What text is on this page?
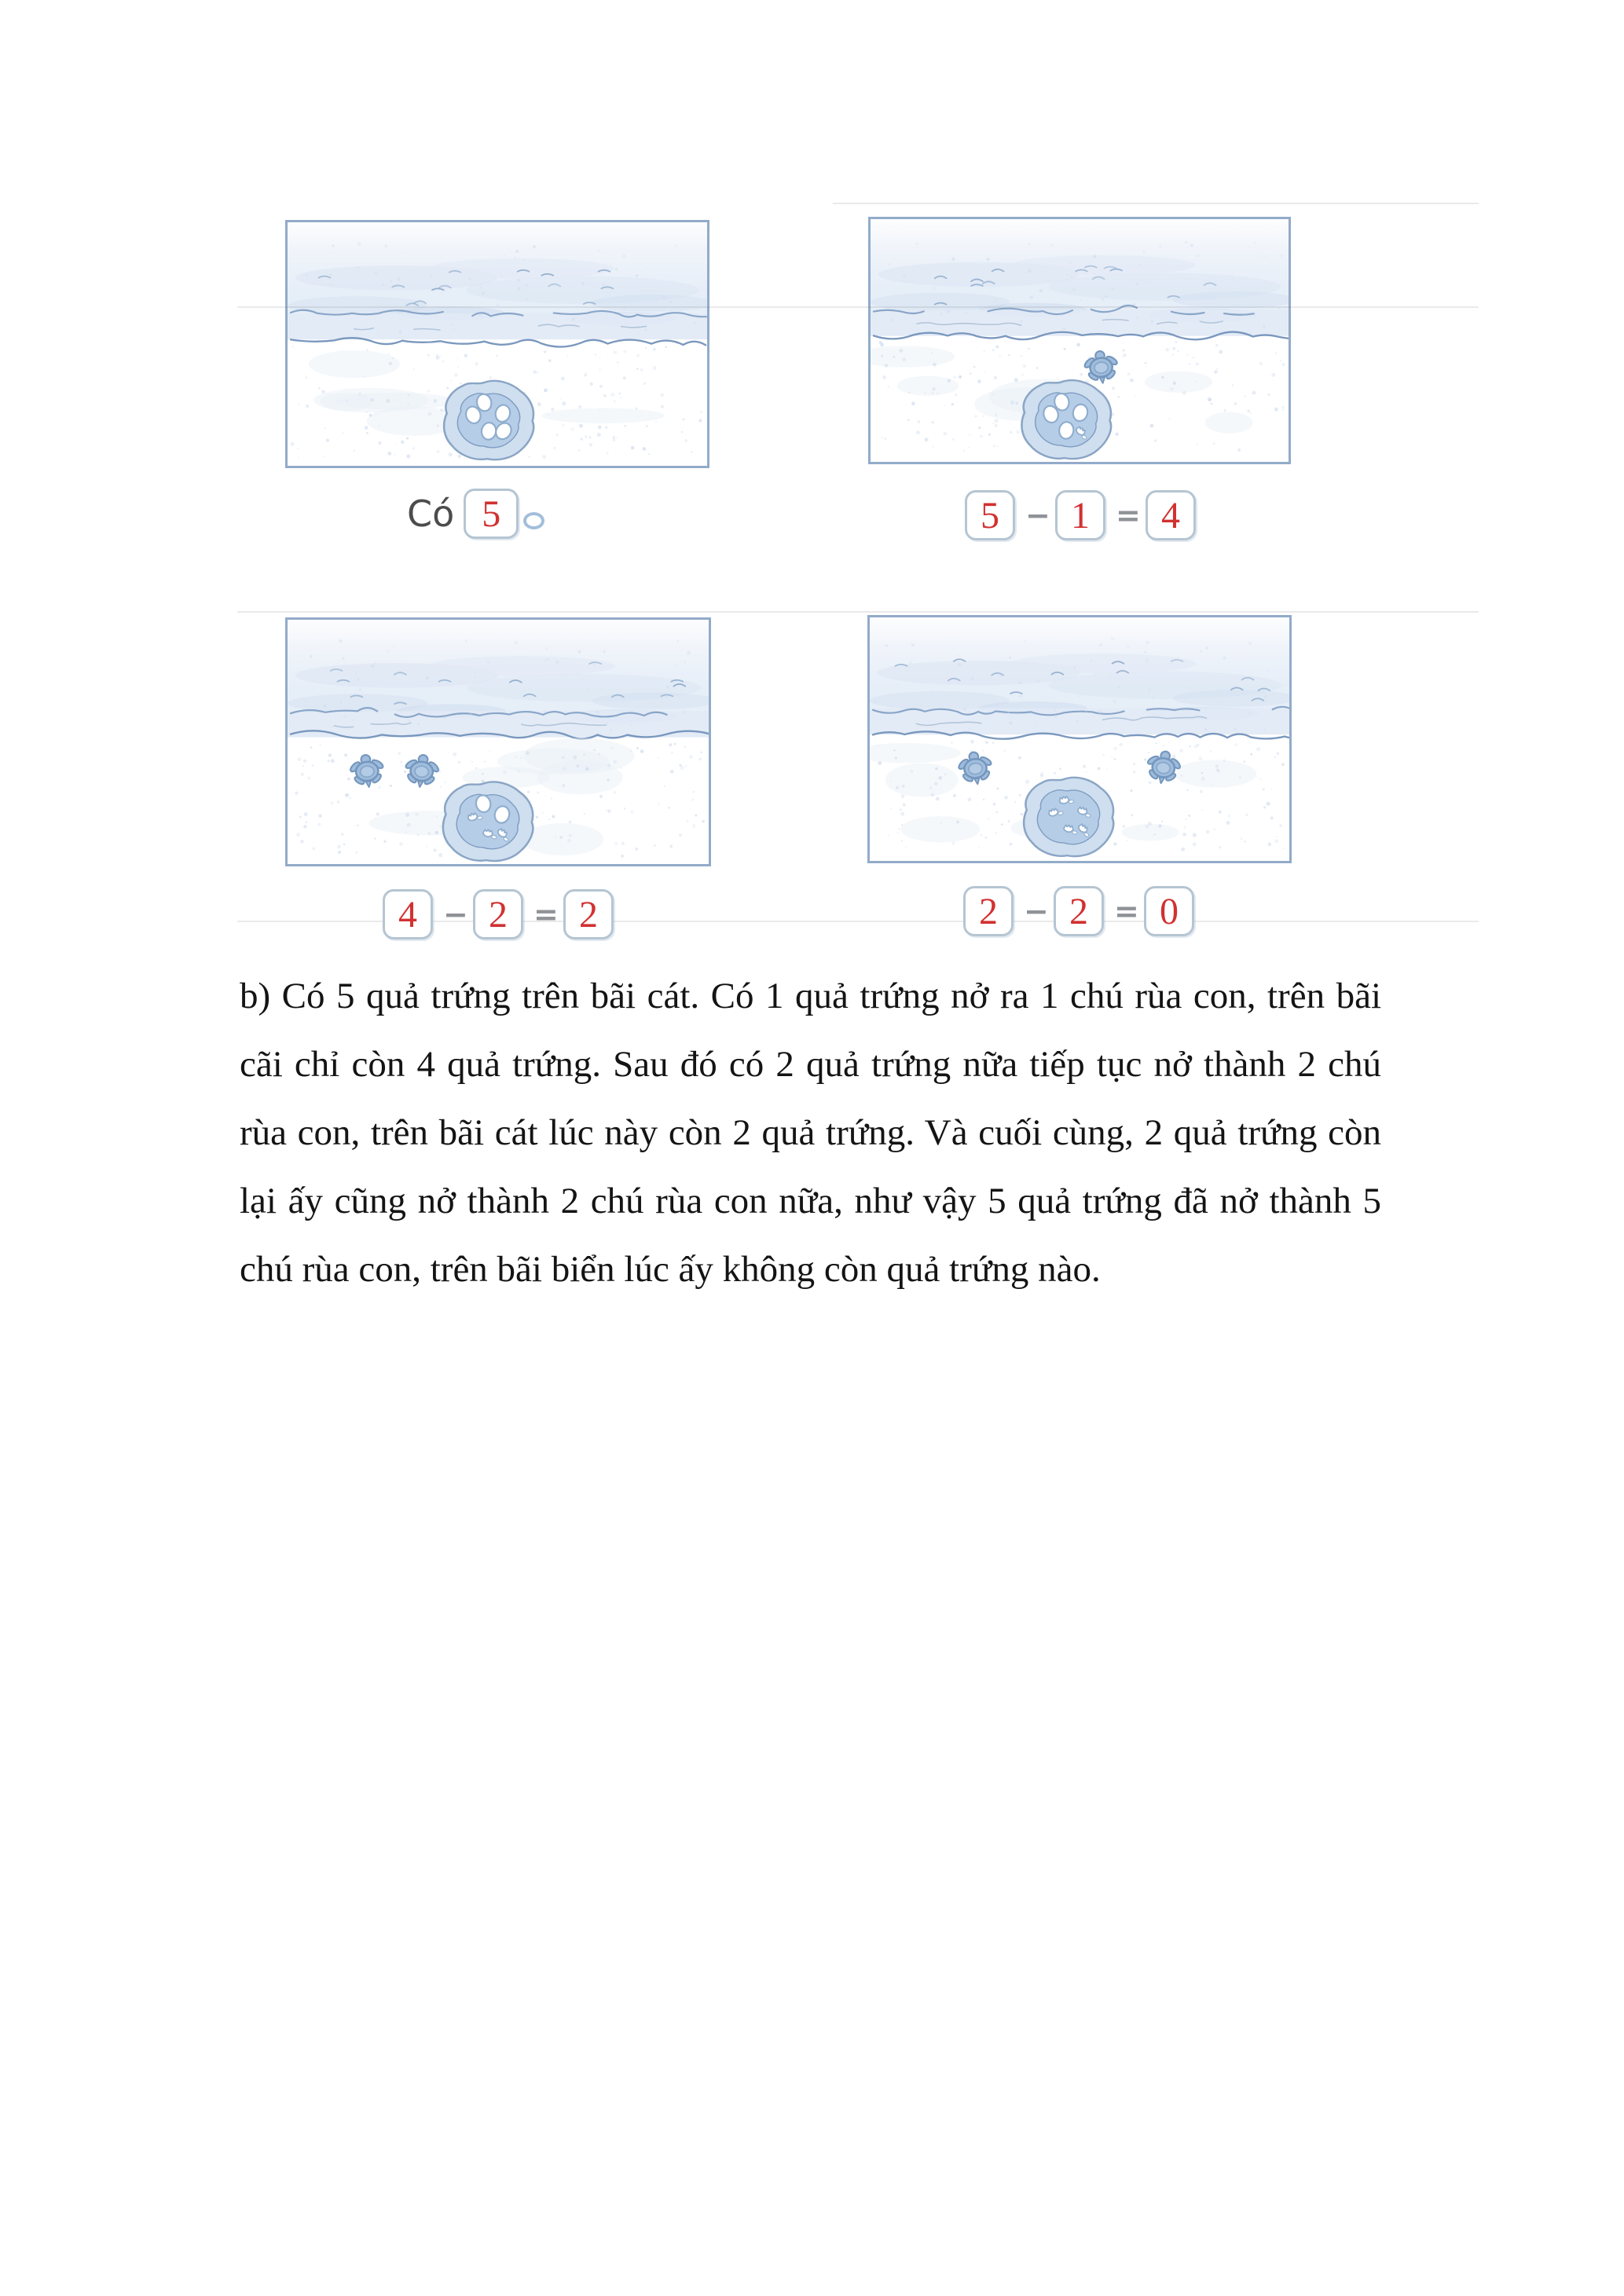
Có 5	5 − 1 = 4
4 − 2 = 2	2 − 2 = 0

b) Có 5 quả trứng trên bãi cát. Có 1 quả trứng nở ra 1 chú rùa con, trên bãi cãi chỉ còn 4 quả trứng. Sau đó có 2 quả trứng nữa tiếp tục nở thành 2 chú rùa con, trên bãi cát lúc này còn 2 quả trứng. Và cuối cùng, 2 quả trứng còn lại ấy cũng nở thành 2 chú rùa con nữa, như vậy 5 quả trứng đã nở thành 5 chú rùa con, trên bãi biển lúc ấy không còn quả trứng nào.
